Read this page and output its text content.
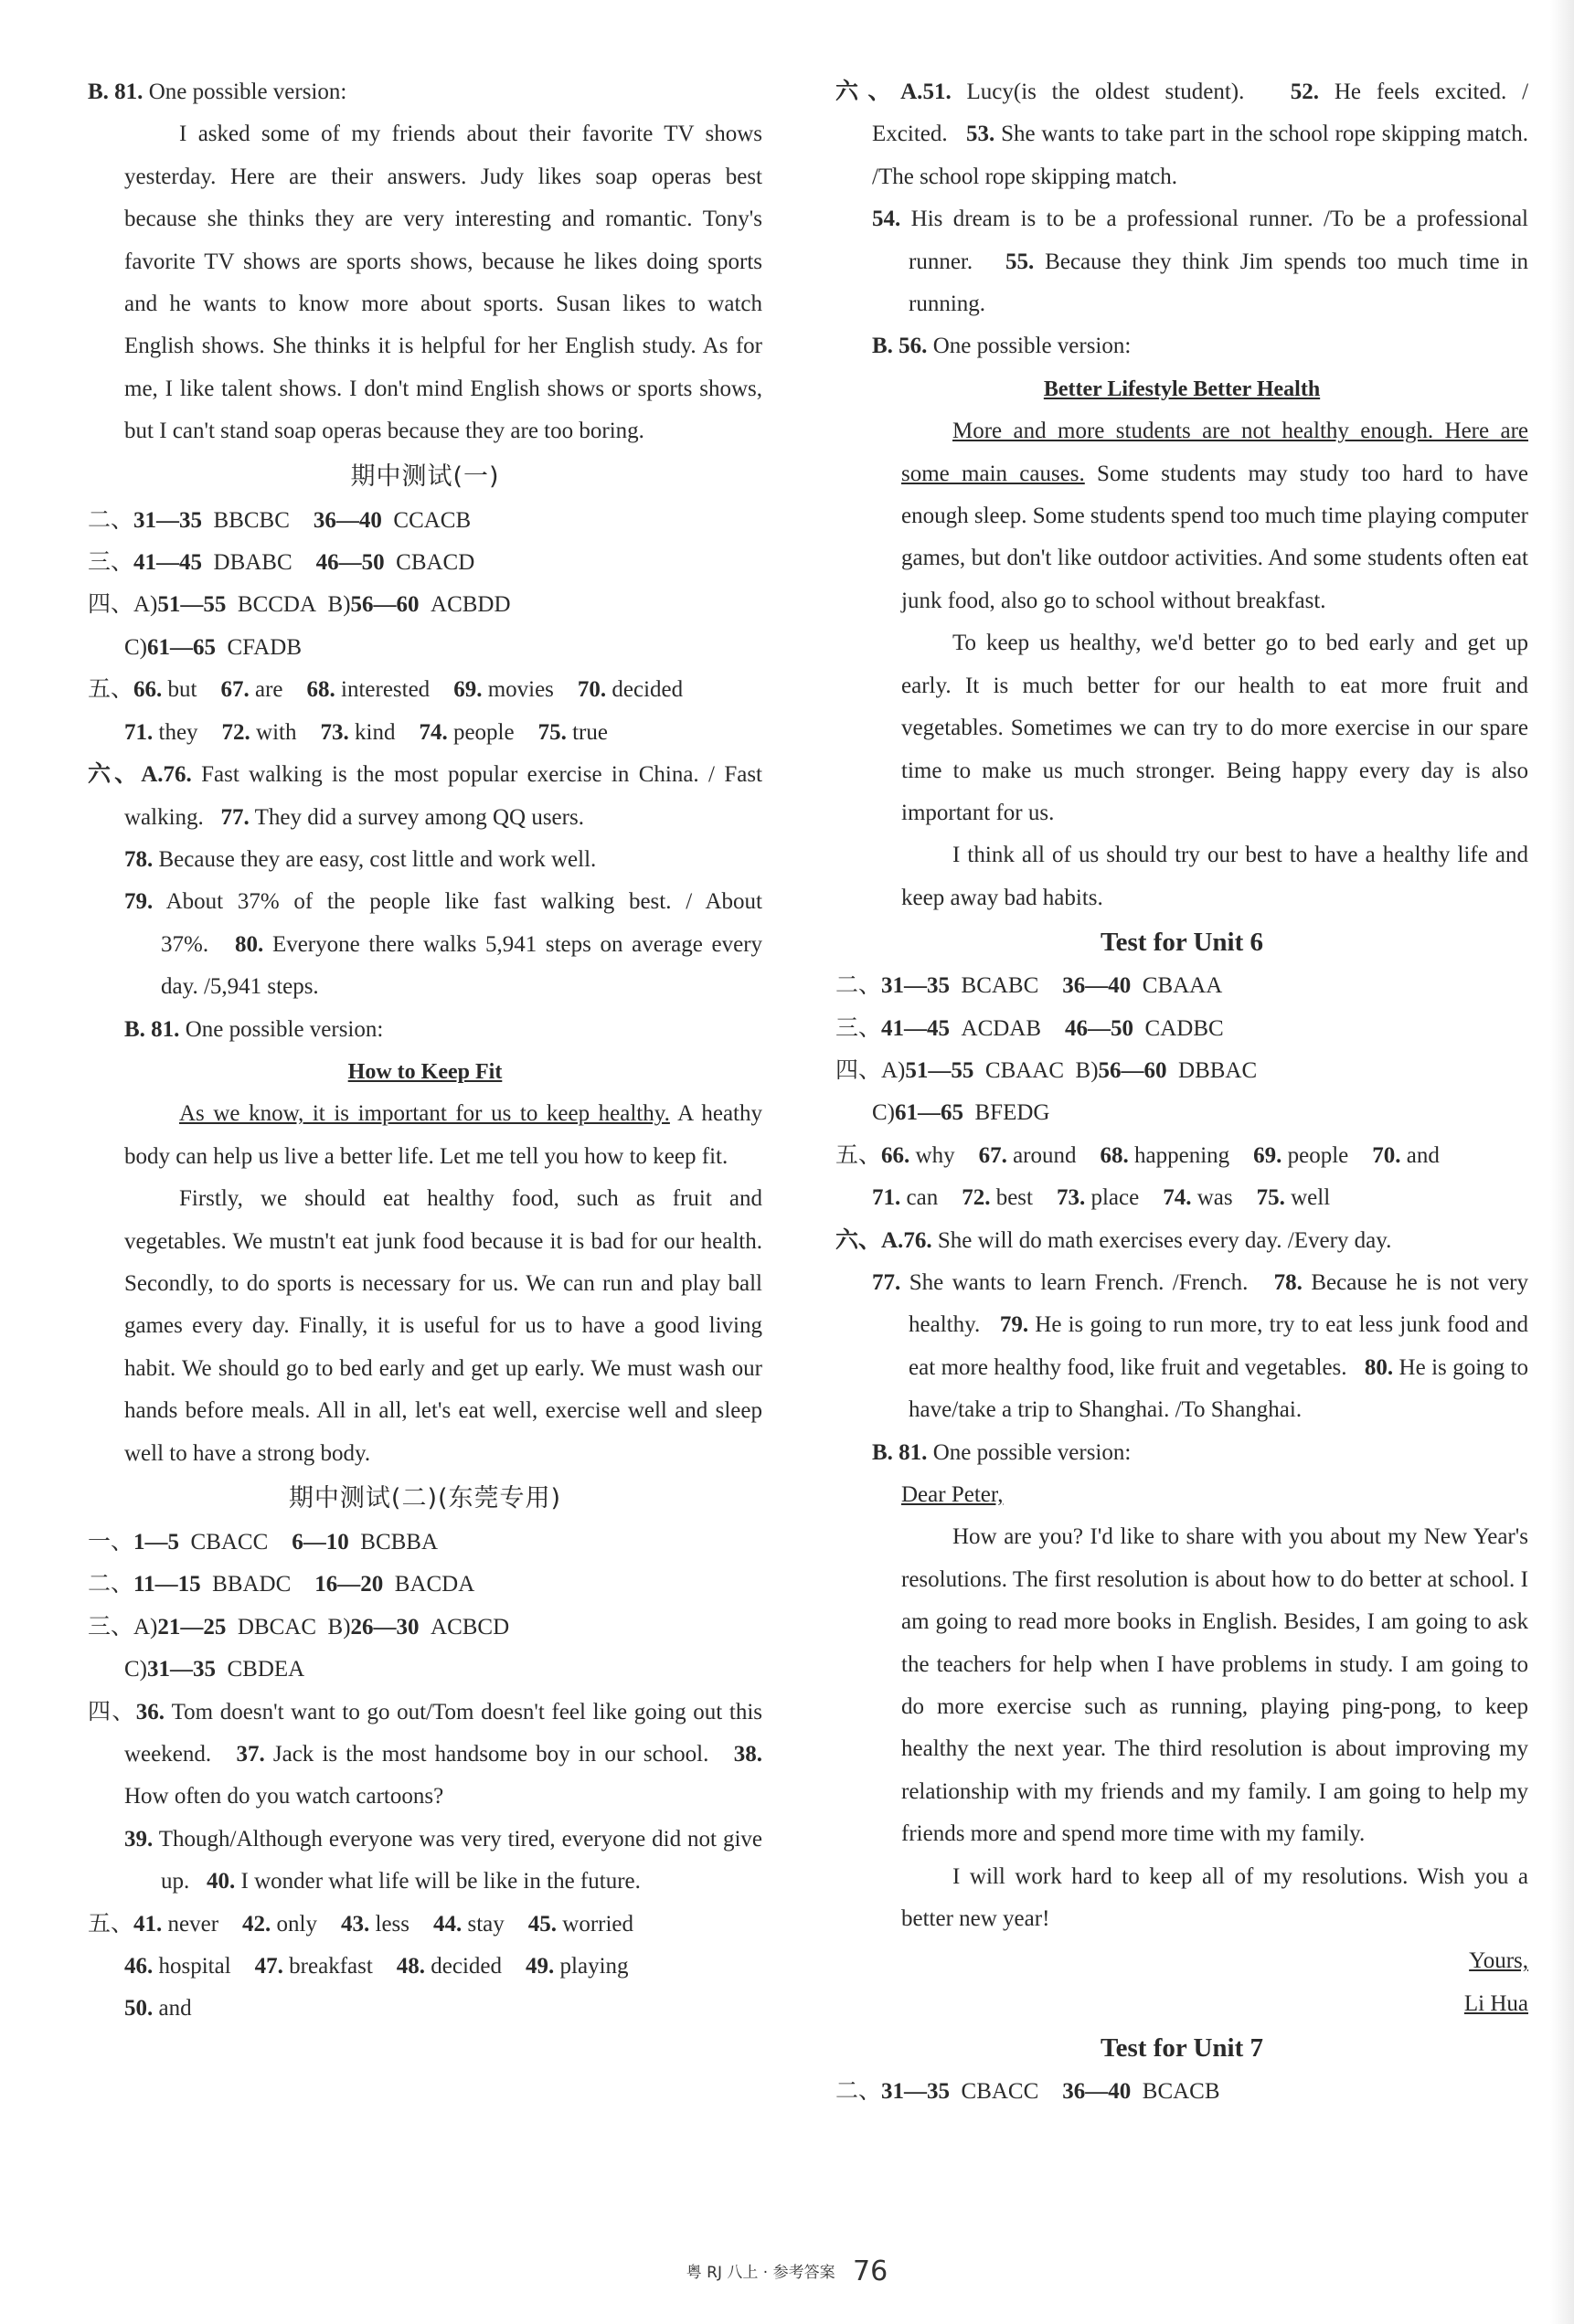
B. 81. One possible version:

I asked some of my friends about their favorite TV shows yesterday. Here are their answers. Judy likes soap operas best because she thinks they are very interesting and romantic. Tony's favorite TV shows are sports shows, because he likes doing sports and he wants to know more about sports. Susan likes to watch English shows. She thinks it is helpful for her English study. As for me, I like talent shows. I don't mind English shows or sports shows, but I can't stand soap operas because they are too boring.

期中测试(一)

二、31—35 BBCBC 36—40 CCACB

三、41—45 DBABC 46—50 CBACD

四、A)51—55 BCCDA B)56—60 ACBDD

C)61—65 CFADB

五、66. but 67. are 68. interested 69. movies 70. decided

71. they 72. with 73. kind 74. people 75. true

六、A.76. Fast walking is the most popular exercise in China. / Fast walking. 77. They did a survey among QQ users.

78. Because they are easy, cost little and work well.

79. About 37% of the people like fast walking best. / About 37%. 80. Everyone there walks 5,941 steps on average every day. /5,941 steps.

B. 81. One possible version:

How to Keep Fit

As we know, it is important for us to keep healthy. A heathy body can help us live a better life. Let me tell you how to keep fit.

Firstly, we should eat healthy food, such as fruit and vegetables. We mustn't eat junk food because it is bad for our health. Secondly, to do sports is necessary for us. We can run and play ball games every day. Finally, it is useful for us to have a good living habit. We should go to bed early and get up early. We must wash our hands before meals. All in all, let's eat well, exercise well and sleep well to have a strong body.

期中测试(二)(东莞专用)

一、1—5 CBACC 6—10 BCBBA

二、11—15 BBADC 16—20 BACDA

三、A)21—25 DBCAC B)26—30 ACBCD

C)31—35 CBDEA

四、36. Tom doesn't want to go out/Tom doesn't feel like going out this weekend. 37. Jack is the most handsome boy in our school. 38. How often do you watch cartoons?

39. Though/Although everyone was very tired, everyone did not give up. 40. I wonder what life will be like in the future.

五、41. never 42. only 43. less 44. stay 45. worried

46. hospital 47. breakfast 48. decided 49. playing

50. and

六、A.51. Lucy(is the oldest student). 52. He feels excited. / Excited. 53. She wants to take part in the school rope skipping match. /The school rope skipping match.

54. His dream is to be a professional runner. /To be a professional runner. 55. Because they think Jim spends too much time in running.

B. 56. One possible version:

Better Lifestyle Better Health

More and more students are not healthy enough. Here are some main causes. Some students may study too hard to have enough sleep. Some students spend too much time playing computer games, but don't like outdoor activities. And some students often eat junk food, also go to school without breakfast.

To keep us healthy, we'd better go to bed early and get up early. It is much better for our health to eat more fruit and vegetables. Sometimes we can try to do more exercise in our spare time to make us much stronger. Being happy every day is also important for us.

I think all of us should try our best to have a healthy life and keep away bad habits.

Test for Unit 6

二、31—35 BCABC 36—40 CBAAA

三、41—45 ACDAB 46—50 CADBC

四、A)51—55 CBAAC B)56—60 DBBAC

C)61—65 BFEDG

五、66. why 67. around 68. happening 69. people 70. and

71. can 72. best 73. place 74. was 75. well

六、A.76. She will do math exercises every day. /Every day.

77. She wants to learn French. /French. 78. Because he is not very healthy. 79. He is going to run more, try to eat less junk food and eat more healthy food, like fruit and vegetables. 80. He is going to have/take a trip to Shanghai. /To Shanghai.

B. 81. One possible version:

Dear Peter,

How are you? I'd like to share with you about my New Year's resolutions. The first resolution is about how to do better at school. I am going to read more books in English. Besides, I am going to ask the teachers for help when I have problems in study. I am going to do more exercise such as running, playing ping-pong, to keep healthy the next year. The third resolution is about improving my relationship with my friends and my family. I am going to help my friends more and spend more time with my family.

I will work hard to keep all of my resolutions. Wish you a better new year!

Yours,

Li Hua

Test for Unit 7

二、31—35 CBACC 36—40 BCACB

粤 RJ 八上 · 参考答案 76
